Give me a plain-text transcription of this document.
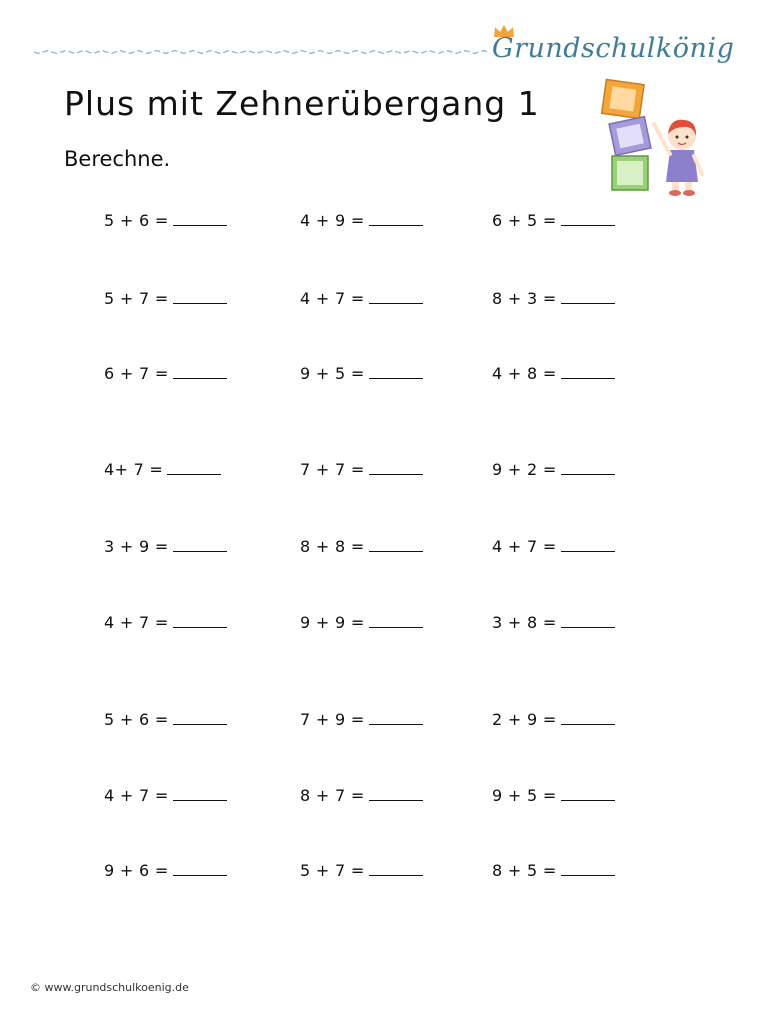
Grundschulkönig
Plus mit Zehnerübergang 1
Berechne.
5 + 6 =	4 + 9 =	6 + 5 =
5 + 7 =	4 + 7 =	8 + 3 =
6 + 7 =	9 + 5 =	4 + 8 =
4+ 7 =	7 + 7 =	9 + 2 =
3 + 9 =	8 + 8 =	4 + 7 =
4 + 7 =	9 + 9 =	3 + 8 =
5 + 6 =	7 + 9 =	2 + 9 =
4 + 7 =	8 + 7 =	9 + 5 =
9 + 6 =	5 + 7 =	8 + 5 =
© www.grundschulkoenig.de
